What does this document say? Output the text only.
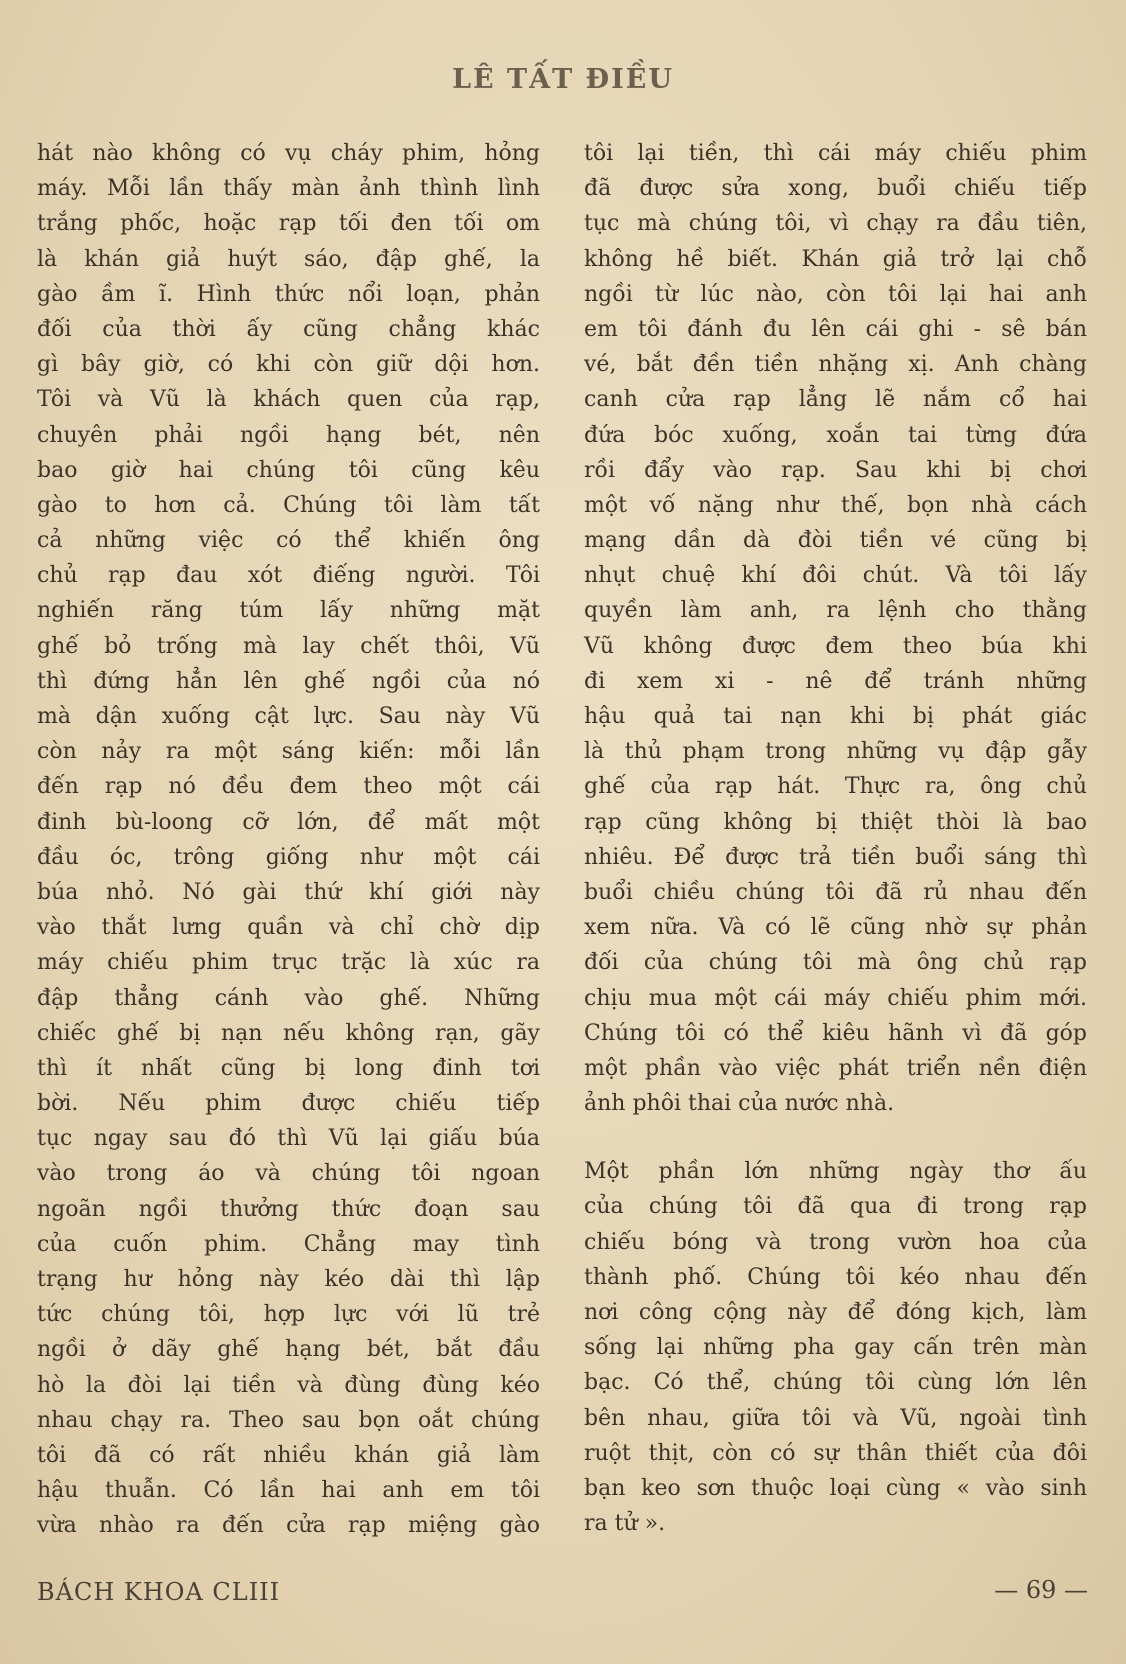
LÊ TẤT ĐIỀU

hát nào không có vụ cháy phim, hỏng
máy. Mỗi lần thấy màn ảnh thình lình
trắng phốc, hoặc rạp tối đen tối om
là khán giả huýt sáo, đập ghế, la
gào ầm ĩ. Hình thức nổi loạn, phản
đối của thời ấy cũng chẳng khác
gì bây giờ, có khi còn giữ dội hơn.
Tôi và Vũ là khách quen của rạp,
chuyên phải ngồi hạng bét, nên
bao giờ hai chúng tôi cũng kêu
gào to hơn cả. Chúng tôi làm tất
cả những việc có thể khiến ông
chủ rạp đau xót điếng người. Tôi
nghiến răng túm lấy những mặt
ghế bỏ trống mà lay chết thôi, Vũ
thì đứng hẳn lên ghế ngồi của nó
mà dận xuống cật lực. Sau này Vũ
còn nảy ra một sáng kiến: mỗi lần
đến rạp nó đều đem theo một cái
đinh bù-loong cỡ lớn, để mất một
đầu óc, trông giống như một cái
búa nhỏ. Nó gài thứ khí giới này
vào thắt lưng quần và chỉ chờ dịp
máy chiếu phim trục trặc là xúc ra
đập thẳng cánh vào ghế. Những
chiếc ghế bị nạn nếu không rạn, gãy
thì ít nhất cũng bị long đinh tơi
bời. Nếu phim được chiếu tiếp
tục ngay sau đó thì Vũ lại giấu búa
vào trong áo và chúng tôi ngoan
ngoãn ngồi thưởng thức đoạn sau
của cuốn phim. Chẳng may tình
trạng hư hỏng này kéo dài thì lập
tức chúng tôi, hợp lực với lũ trẻ
ngồi ở dãy ghế hạng bét, bắt đầu
hò la đòi lại tiền và đùng đùng kéo
nhau chạy ra. Theo sau bọn oắt chúng
tôi đã có rất nhiều khán giả làm
hậu thuẫn. Có lần hai anh em tôi
vừa nhào ra đến cửa rạp miệng gào

tôi lại tiền, thì cái máy chiếu phim
đã được sửa xong, buổi chiếu tiếp
tục mà chúng tôi, vì chạy ra đầu tiên,
không hề biết. Khán giả trở lại chỗ
ngồi từ lúc nào, còn tôi lại hai anh
em tôi đánh đu lên cái ghi - sê bán
vé, bắt đền tiền nhặng xị. Anh chàng
canh cửa rạp lẳng lẽ nắm cổ hai
đứa bóc xuống, xoắn tai từng đứa
rồi đẩy vào rạp. Sau khi bị chơi
một vố nặng như thế, bọn nhà cách
mạng dần dà đòi tiền vé cũng bị
nhụt chuệ khí đôi chút. Và tôi lấy
quyền làm anh, ra lệnh cho thằng
Vũ không được đem theo búa khi
đi xem xi - nê để tránh những
hậu quả tai nạn khi bị phát giác
là thủ phạm trong những vụ đập gẫy
ghế của rạp hát. Thực ra, ông chủ
rạp cũng không bị thiệt thòi là bao
nhiêu. Để được trả tiền buổi sáng thì
buổi chiều chúng tôi đã rủ nhau đến
xem nữa. Và có lẽ cũng nhờ sự phản
đối của chúng tôi mà ông chủ rạp
chịu mua một cái máy chiếu phim mới.
Chúng tôi có thể kiêu hãnh vì đã góp
một phần vào việc phát triển nền điện
ảnh phôi thai của nước nhà.

Một phần lớn những ngày thơ ấu
của chúng tôi đã qua đi trong rạp
chiếu bóng và trong vườn hoa của
thành phố. Chúng tôi kéo nhau đến
nơi công cộng này để đóng kịch, làm
sống lại những pha gay cấn trên màn
bạc. Có thể, chúng tôi cùng lớn lên
bên nhau, giữa tôi và Vũ, ngoài tình
ruột thịt, còn có sự thân thiết của đôi
bạn keo sơn thuộc loại cùng « vào sinh
ra tử ».

BÁCH KHOA CLIII	— 69 —
